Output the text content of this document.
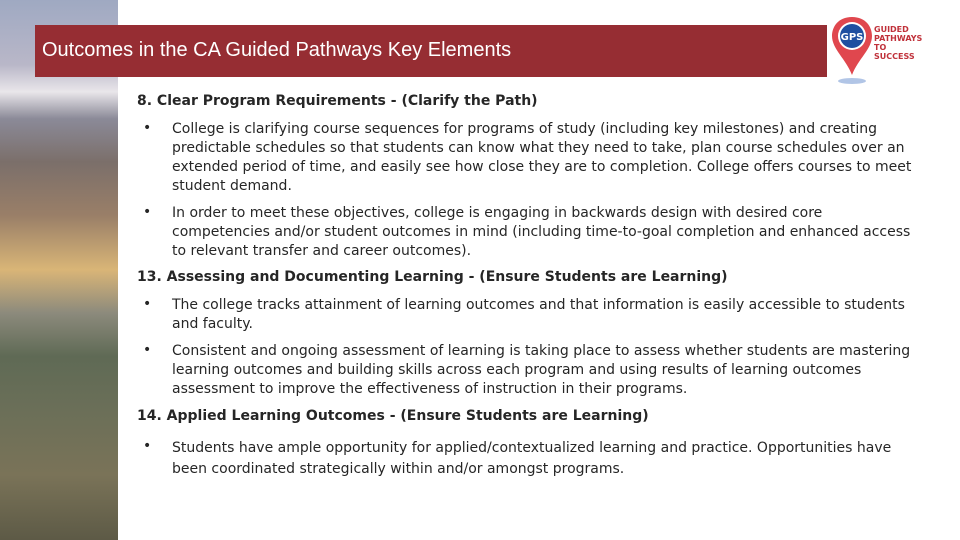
Outcomes in the CA Guided Pathways Key Elements
GPS
GUIDED
PATHWAYS
TO
SUCCESS
8. Clear Program Requirements - (Clarify the Path)
• College is clarifying course sequences for programs of study (including key milestones) and creating predictable schedules so that students can know what they need to take, plan course schedules over an extended period of time, and easily see how close they are to completion. College offers courses to meet student demand.
• In order to meet these objectives, college is engaging in backwards design with desired core competencies and/or student outcomes in mind (including time-to-goal completion and enhanced access to relevant transfer and career outcomes).
13. Assessing and Documenting Learning - (Ensure Students are Learning)
• The college tracks attainment of learning outcomes and that information is easily accessible to students and faculty.
• Consistent and ongoing assessment of learning is taking place to assess whether students are mastering learning outcomes and building skills across each program and using results of learning outcomes assessment to improve the effectiveness of instruction in their programs.
14. Applied Learning Outcomes - (Ensure Students are Learning)
• Students have ample opportunity for applied/contextualized learning and practice. Opportunities have been coordinated strategically within and/or amongst programs.
